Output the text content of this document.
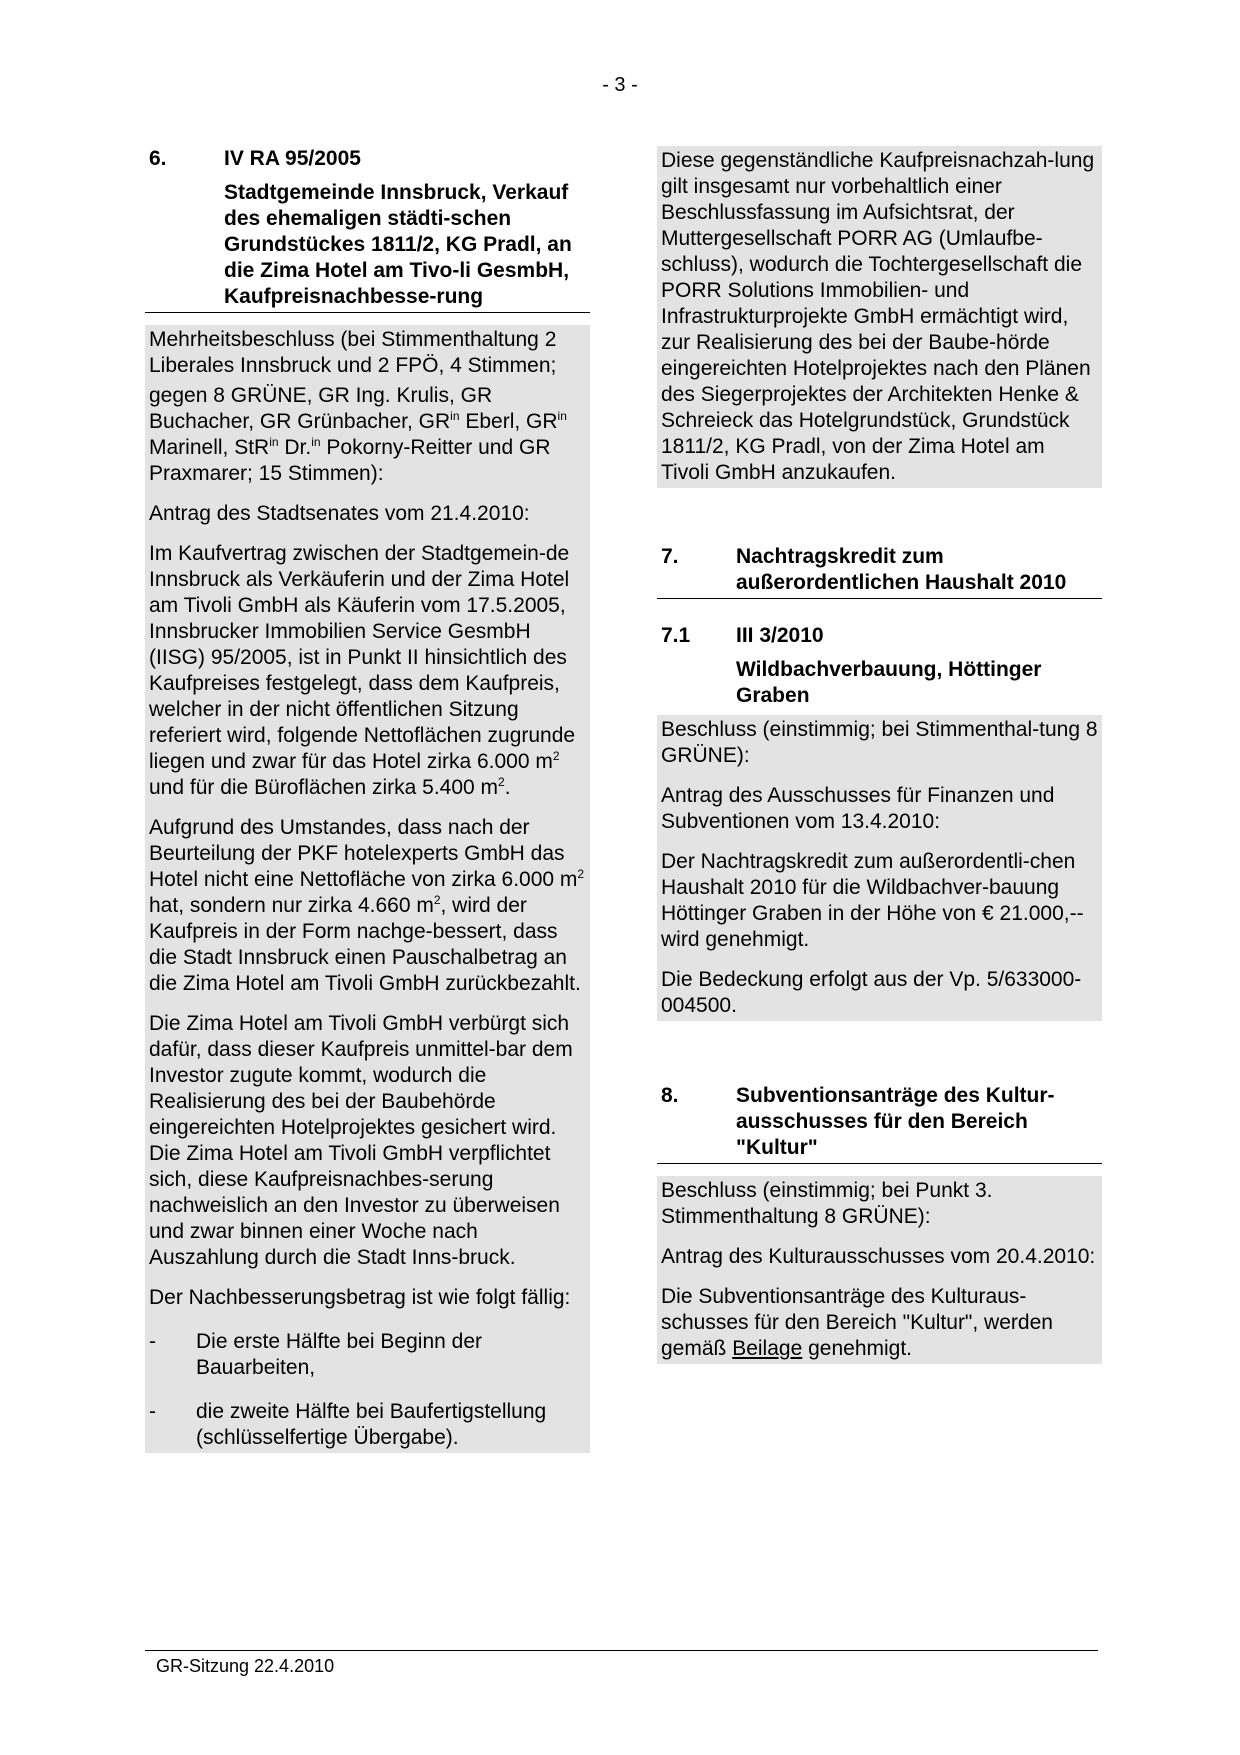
- 3 -
6.	IV RA 95/2005
Stadtgemeinde Innsbruck, Verkauf des ehemaligen städti-schen Grundstückes 1811/2, KG Pradl, an die Zima Hotel am Tivo-li GesmbH, Kaufpreisnachbesse-rung

Mehrheitsbeschluss (bei Stimmenthaltung 2 Liberales Innsbruck und 2 FPÖ, 4 Stimmen;

gegen 8 GRÜNE, GR Ing. Krulis, GR Buchacher, GR Grünbacher, $GR^{in}$ Eberl, $GR^{in}$ Marinell, StR$^{in}$ Dr.$^{in}$ Pokorny-Reitter und GR Praxmarer; 15 Stimmen):

Antrag des Stadtsenates vom 21.4.2010:

Im Kaufvertrag zwischen der Stadtgemein-de Innsbruck als Verkäuferin und der Zima Hotel am Tivoli GmbH als Käuferin vom 17.5.2005, Innsbrucker Immobilien Service GesmbH (IISG) 95/2005, ist in Punkt II hinsichtlich des Kaufpreises festgelegt, dass dem Kaufpreis, welcher in der nicht öffentlichen Sitzung referiert wird, folgende Nettoflächen zugrunde liegen und zwar für das Hotel zirka 6.000 $m^2$ und für die Büroflächen zirka 5.400 $m^2$.

Aufgrund des Umstandes, dass nach der Beurteilung der PKF hotelexperts GmbH das Hotel nicht eine Nettofläche von zirka 6.000 $m^2$ hat, sondern nur zirka 4.660 $m^2$, wird der Kaufpreis in der Form nachge-bessert, dass die Stadt Innsbruck einen Pauschalbetrag an die Zima Hotel am Tivoli GmbH zurückbezahlt.

Die Zima Hotel am Tivoli GmbH verbürgt sich dafür, dass dieser Kaufpreis unmittel-bar dem Investor zugute kommt, wodurch die Realisierung des bei der Baubehörde eingereichten Hotelprojektes gesichert wird. Die Zima Hotel am Tivoli GmbH verpflichtet sich, diese Kaufpreisnachbes-serung nachweislich an den Investor zu überweisen und zwar binnen einer Woche nach Auszahlung durch die Stadt Inns-bruck.

Der Nachbesserungsbetrag ist wie folgt fällig:

-	Die erste Hälfte bei Beginn der Bauarbeiten,
-	die zweite Hälfte bei Baufertigstellung (schlüsselfertige Übergabe).

Diese gegenständliche Kaufpreisnachzah-lung gilt insgesamt nur vorbehaltlich einer Beschlussfassung im Aufsichtsrat, der Muttergesellschaft PORR AG (Umlaufbe-schluss), wodurch die Tochtergesellschaft die PORR Solutions Immobilien- und Infrastrukturprojekte GmbH ermächtigt wird, zur Realisierung des bei der Baube-hörde eingereichten Hotelprojektes nach den Plänen des Siegerprojektes der Architekten Henke & Schreieck das Hotelgrundstück, Grundstück 1811/2, KG Pradl, von der Zima Hotel am Tivoli GmbH anzukaufen.

7.	Nachtragskredit zum außerordentlichen Haushalt 2010
7.1	III 3/2010
Wildbachverbauung, Höttinger Graben

Beschluss (einstimmig; bei Stimmenthal-tung 8 GRÜNE):

Antrag des Ausschusses für Finanzen und Subventionen vom 13.4.2010:

Der Nachtragskredit zum außerordentli-chen Haushalt 2010 für die Wildbachver-bauung Höttinger Graben in der Höhe von € 21.000,-- wird genehmigt.

Die Bedeckung erfolgt aus der Vp. 5/633000-004500.

8.	Subventionsanträge des Kultur-ausschusses für den Bereich "Kultur"

Beschluss (einstimmig; bei Punkt 3. Stimmenthaltung 8 GRÜNE):

Antrag des Kulturausschusses vom 20.4.2010:

Die Subventionsanträge des Kulturaus-schusses für den Bereich "Kultur", werden gemäß Beilage genehmigt.

GR-Sitzung 22.4.2010
